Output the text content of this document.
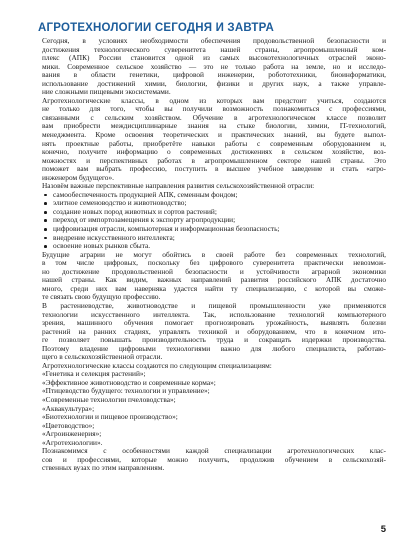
АГРОТЕХНОЛОГИИ СЕГОДНЯ И ЗАВТРА

Сегодня, в условиях необходимости обеспечения продовольственной безопасности и
достижения технологического суверенитета нашей страны, агропромышленный ком-
плекс (АПК) России становится одной из самых высокотехнологичных отраслей эконо-
мики. Современное сельское хозяйство — это не только работа на земле, но и исследо-
вания в области генетики, цифровой инженерии, робототехники, биоинформатики,
использование достижений химии, биологии, физики и других наук, а также управле-
ние сложными пищевыми экосистемами.

Агротехнологические классы, в одном из которых вам предстоит учиться, создаются
не только для того, чтобы вы получили возможность познакомиться с профессиями,
связанными с сельским хозяйством. Обучение в агротехнологическом классе позволит
вам приобрести междисциплинарные знания на стыке биологии, химии, IT-технологий,
менеджмента. Кроме освоения теоретических и практических знаний, вы будете выпол-
нять проектные работы, приобретёте навыки работы с современным оборудованием и,
конечно, получите информацию о современных достижениях в сельском хозяйстве, воз-
можностях и перспективных работах в агропромышленном секторе нашей страны. Это
поможет вам выбрать профессию, поступить в высшее учебное заведение и стать «агро-
инженером будущего».

Назовём важные перспективные направления развития сельскохозяйственной отрасли:

самообеспеченность продукцией АПК, семенным фондом;
элитное семеноводство и животноводство;
создание новых пород животных и сортов растений;
переход от импортозамещения к экспорту агропродукции;
цифровизация отрасли, компьютерная и информационная безопасность;
внедрение искусственного интеллекта;
освоение новых рынков сбыта.

Будущие аграрии не могут обойтись в своей работе без современных технологий,
в том числе цифровых, поскольку без цифрового суверенитета практически невозмож-
но достижение продовольственной безопасности и устойчивости аграрной экономики
нашей страны. Как видим, важных направлений развития российского АПК достаточно
много, среди них вам наверняка удастся найти ту специализацию, с которой вы сможе-
те связать свою будущую профессию.

В растениеводстве, животноводстве и пищевой промышленности уже применяются
технологии искусственного интеллекта. Так, использование технологий компьютерного
зрения, машинного обучения помогает прогнозировать урожайность, выявлять болезни
растений на ранних стадиях, управлять техникой и оборудованием, что в конечном ито-
ге позволяет повышать производительность труда и сокращать издержки производства.
Поэтому владение цифровыми технологиями важно для любого специалиста, работаю-
щего в сельскохозяйственной отрасли.

Агротехнологические классы создаются по следующим специализациям:

«Генетика и селекция растений»;
«Эффективное животноводство и современные корма»;
«Птицеводство будущего: технологии и управление»;
«Современные технологии пчеловодства»;
«Аквакультура»;
«Биотехнологии и пищевое производство»;
«Цветоводство»;
«Агроинженерия»;
«Агротехнологии».

Познакомимся с особенностями каждой специализации агротехнологических клас-
сов и профессиями, которые можно получить, продолжив обучением в сельскохозяй-
ственных вузах по этим направлениям.

5
